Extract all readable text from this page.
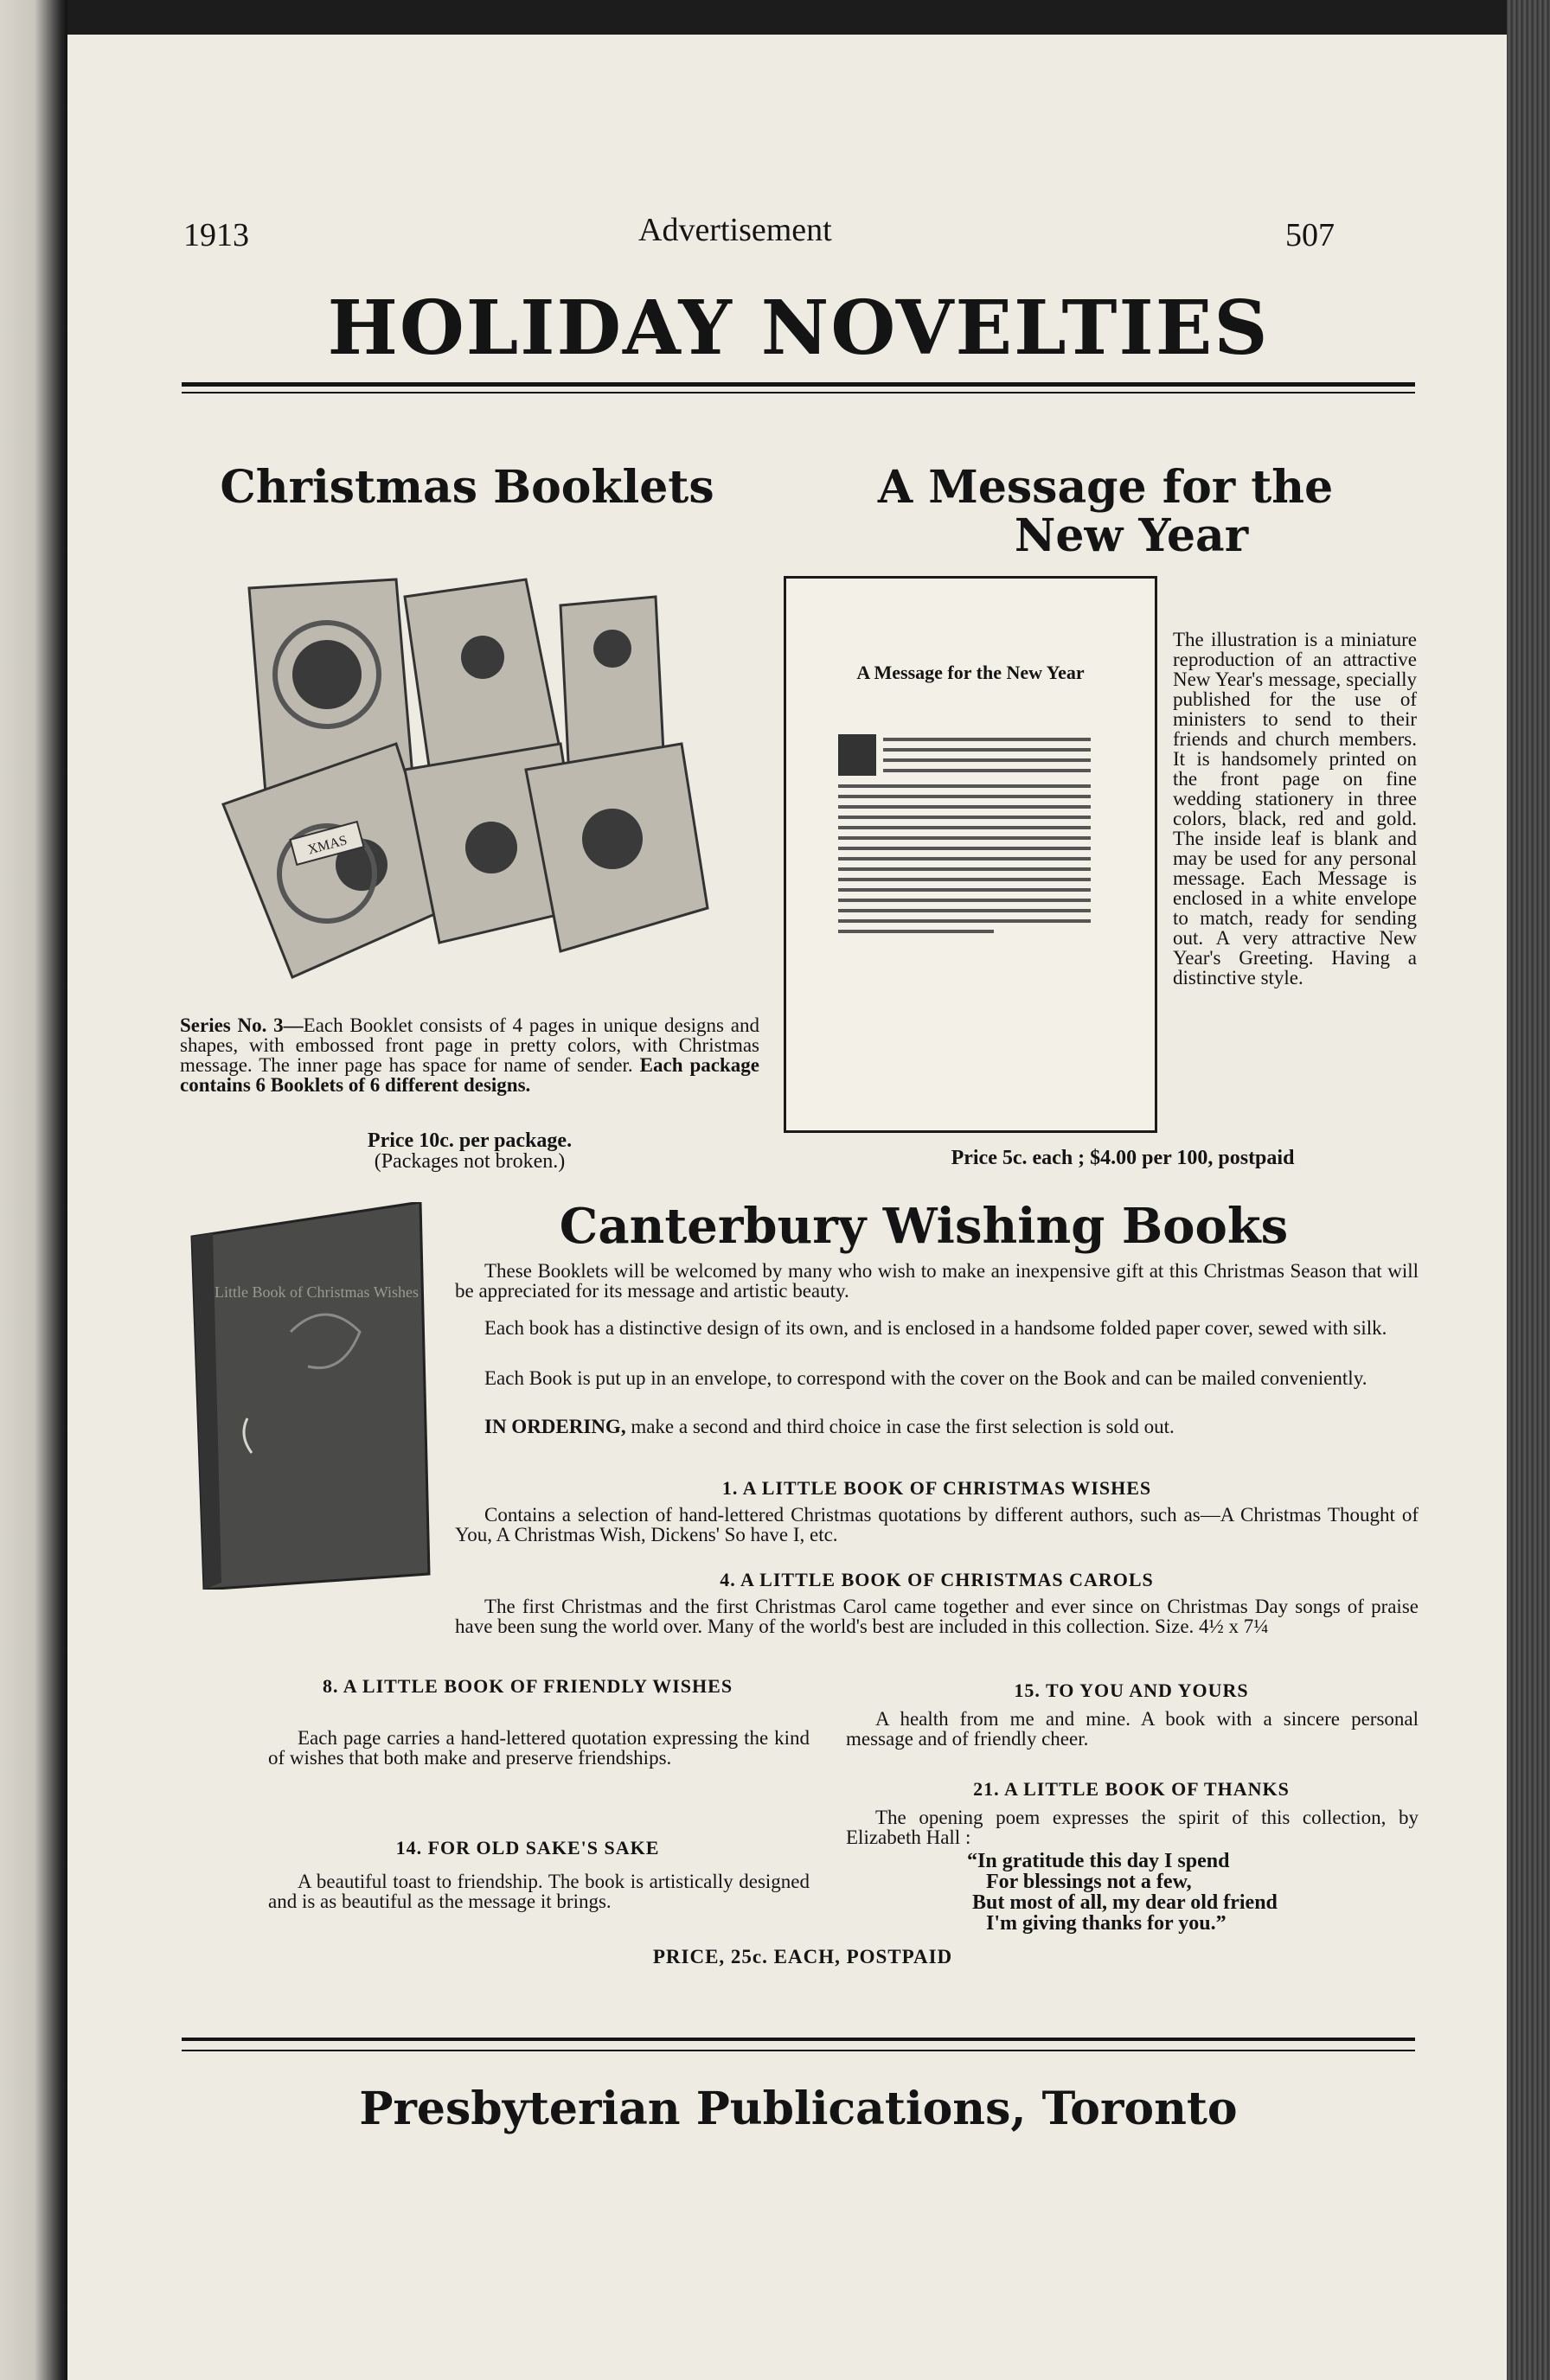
1913	Advertisement	507
HOLIDAY NOVELTIES
Christmas Booklets
XMAS
Series No. 3—Each Booklet consists of 4 pages in unique designs and shapes, with embossed front page in pretty colors, with Christmas message. The inner page has space for name of sender. Each package contains 6 Booklets of 6 different designs.
Price 10c. per package.
(Packages not broken.)
A Message for the
New Year
A Message for the New Year
The illustration is a miniature reproduction of an attractive New Year's message, specially published for the use of ministers to send to their friends and church members. It is handsomely printed on the front page on fine wedding stationery in three colors, black, red and gold. The inside leaf is blank and may be used for any personal message. Each Message is enclosed in a white envelope to match, ready for sending out. A very attractive New Year's Greeting. Having a distinctive style.
Price 5c. each ; $4.00 per 100, postpaid
Little Book of Christmas Wishes
Canterbury Wishing Books
These Booklets will be welcomed by many who wish to make an inexpensive gift at this Christmas Season that will be appreciated for its message and artistic beauty.
Each book has a distinctive design of its own, and is enclosed in a handsome folded paper cover, sewed with silk.
Each Book is put up in an envelope, to correspond with the cover on the Book and can be mailed conveniently.
IN ORDERING, make a second and third choice in case the first selection is sold out.
1. A LITTLE BOOK OF CHRISTMAS WISHES
Contains a selection of hand-lettered Christmas quotations by different authors, such as—A Christmas Thought of You, A Christmas Wish, Dickens' So have I, etc.
4. A LITTLE BOOK OF CHRISTMAS CAROLS
The first Christmas and the first Christmas Carol came together and ever since on Christmas Day songs of praise have been sung the world over. Many of the world's best are included in this collection. Size. 4½ x 7¼
8. A LITTLE BOOK OF FRIENDLY WISHES
Each page carries a hand-lettered quotation expressing the kind of wishes that both make and preserve friendships.
14. FOR OLD SAKE'S SAKE
A beautiful toast to friendship. The book is artistically designed and is as beautiful as the message it brings.
15. TO YOU AND YOURS
A health from me and mine. A book with a sincere personal message and of friendly cheer.
21. A LITTLE BOOK OF THANKS
The opening poem expresses the spirit of this collection, by Elizabeth Hall :
“In gratitude this day I spend
For blessings not a few,
But most of all, my dear old friend
I'm giving thanks for you.”
PRICE, 25c. EACH, POSTPAID
Presbyterian Publications, Toronto
